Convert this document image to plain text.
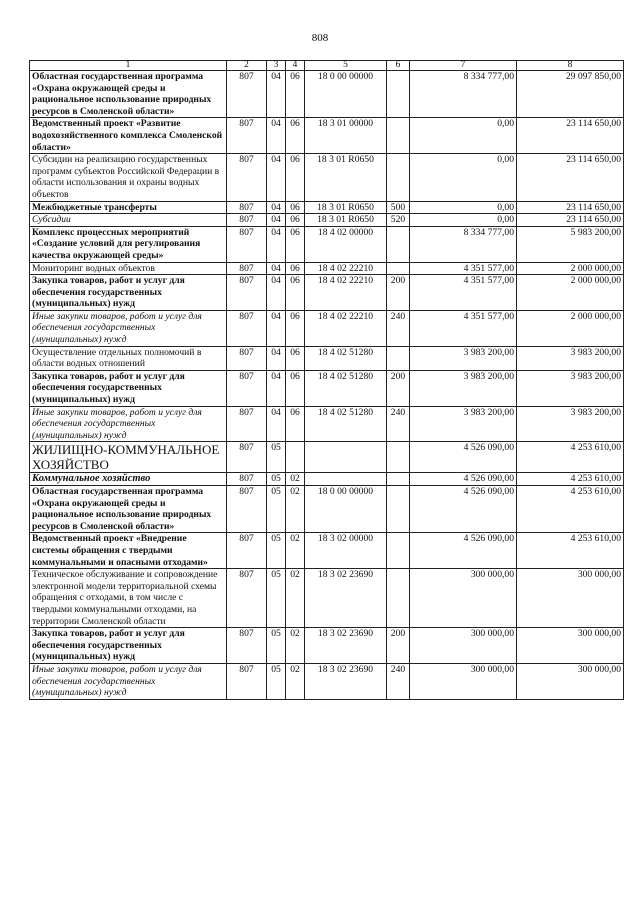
808
1	2	3	4	5	6	7	8
Областная государственная программа «Охрана окружающей среды и рациональное использование природных ресурсов в Смоленской области»	807	04	06	18 0 00 00000		8 334 777,00	29 097 850,00
Ведомственный проект «Развитие водохозяйственного комплекса Смоленской области»	807	04	06	18 3 01 00000		0,00	23 114 650,00
Субсидии на реализацию государственных программ субъектов Российской Федерации в области использования и охраны водных объектов	807	04	06	18 3 01 R0650		0,00	23 114 650,00
Межбюджетные трансферты	807	04	06	18 3 01 R0650	500	0,00	23 114 650,00
Субсидии	807	04	06	18 3 01 R0650	520	0,00	23 114 650,00
Комплекс процессных мероприятий «Создание условий для регулирования качества окружающей среды»	807	04	06	18 4 02 00000		8 334 777,00	5 983 200,00
Мониторинг водных объектов	807	04	06	18 4 02 22210		4 351 577,00	2 000 000,00
Закупка товаров, работ и услуг для обеспечения государственных (муниципальных) нужд	807	04	06	18 4 02 22210	200	4 351 577,00	2 000 000,00
Иные закупки товаров, работ и услуг для обеспечения государственных (муниципальных) нужд	807	04	06	18 4 02 22210	240	4 351 577,00	2 000 000,00
Осуществление отдельных полномочий в области водных отношений	807	04	06	18 4 02 51280		3 983 200,00	3 983 200,00
Закупка товаров, работ и услуг для обеспечения государственных (муниципальных) нужд	807	04	06	18 4 02 51280	200	3 983 200,00	3 983 200,00
Иные закупки товаров, работ и услуг для обеспечения государственных (муниципальных) нужд	807	04	06	18 4 02 51280	240	3 983 200,00	3 983 200,00
ЖИЛИЩНО-КОММУНАЛЬНОЕ ХОЗЯЙСТВО	807	05				4 526 090,00	4 253 610,00
Коммунальное хозяйство	807	05	02			4 526 090,00	4 253 610,00
Областная государственная программа «Охрана окружающей среды и рациональное использование природных ресурсов в Смоленской области»	807	05	02	18 0 00 00000		4 526 090,00	4 253 610,00
Ведомственный проект «Внедрение системы обращения с твердыми коммунальными и опасными отходами»	807	05	02	18 3 02 00000		4 526 090,00	4 253 610,00
Техническое обслуживание и сопровождение электронной модели территориальной схемы обращения с отходами, в том числе с твердыми коммунальными отходами, на территории Смоленской области	807	05	02	18 3 02 23690		300 000,00	300 000,00
Закупка товаров, работ и услуг для обеспечения государственных (муниципальных) нужд	807	05	02	18 3 02 23690	200	300 000,00	300 000,00
Иные закупки товаров, работ и услуг для обеспечения государственных (муниципальных) нужд	807	05	02	18 3 02 23690	240	300 000,00	300 000,00
